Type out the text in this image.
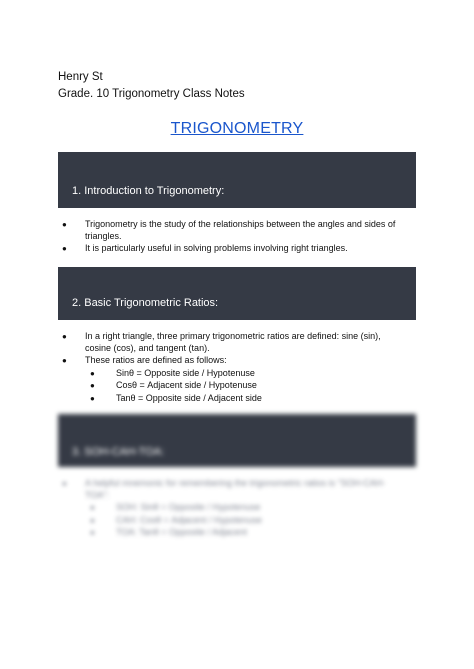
Henry St
Grade. 10 Trigonometry Class Notes
TRIGONOMETRY
1. Introduction to Trigonometry:
● Trigonometry is the study of the relationships between the angles and sides of triangles.
● It is particularly useful in solving problems involving right triangles.
2. Basic Trigonometric Ratios:
● In a right triangle, three primary trigonometric ratios are defined: sine (sin), cosine (cos), and tangent (tan).
● These ratios are defined as follows:
● Sinθ = Opposite side / Hypotenuse
● Cosθ = Adjacent side / Hypotenuse
● Tanθ = Opposite side / Adjacent side
3. SOH-CAH-TOA:
● A helpful mnemonic for remembering the trigonometric ratios is "SOH-CAH-TOA":
● SOH: Sinθ = Opposite / Hypotenuse
● CAH: Cosθ = Adjacent / Hypotenuse
● TOA: Tanθ = Opposite / Adjacent
